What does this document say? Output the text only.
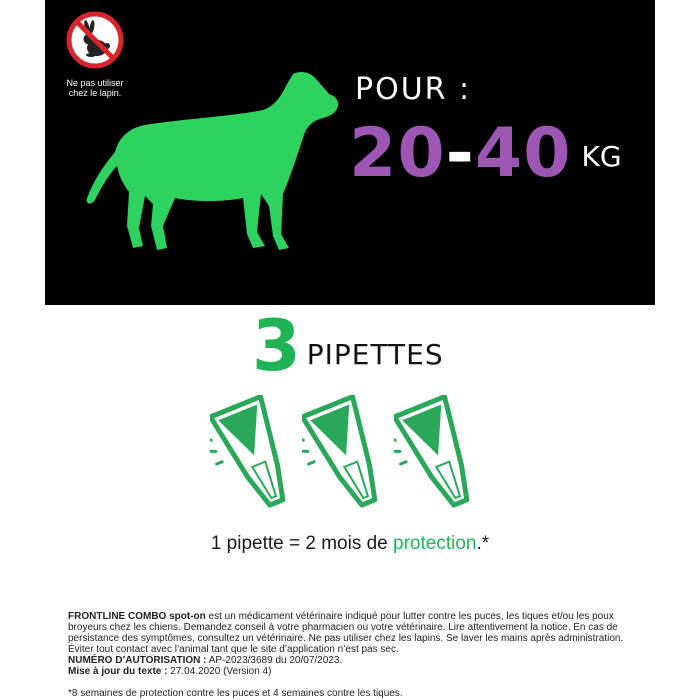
Ne pas utiliser
chez le lapin.	POUR :
20-40 KG
3 PIPETTES
1 pipette = 2 mois de protection.*
FRONTLINE COMBO spot-on est un médicament vétérinaire indiqué pour lutter contre les puces, les tiques et/ou les poux broyeurs chez les chiens. Demandez conseil à votre pharmacien ou votre vétérinaire. Lire attentivement la notice. En cas de persistance des symptômes, consultez un vétérinaire. Ne pas utiliser chez les lapins. Se laver les mains après administration. Éviter tout contact avec l’animal tant que le site d’application n’est pas sec.
NUMÉRO D’AUTORISATION : AP-2023/3689 du 20/07/2023.
Mise à jour du texte : 27.04.2020 (Version 4)
*8 semaines de protection contre les puces et 4 semaines contre les tiques.
